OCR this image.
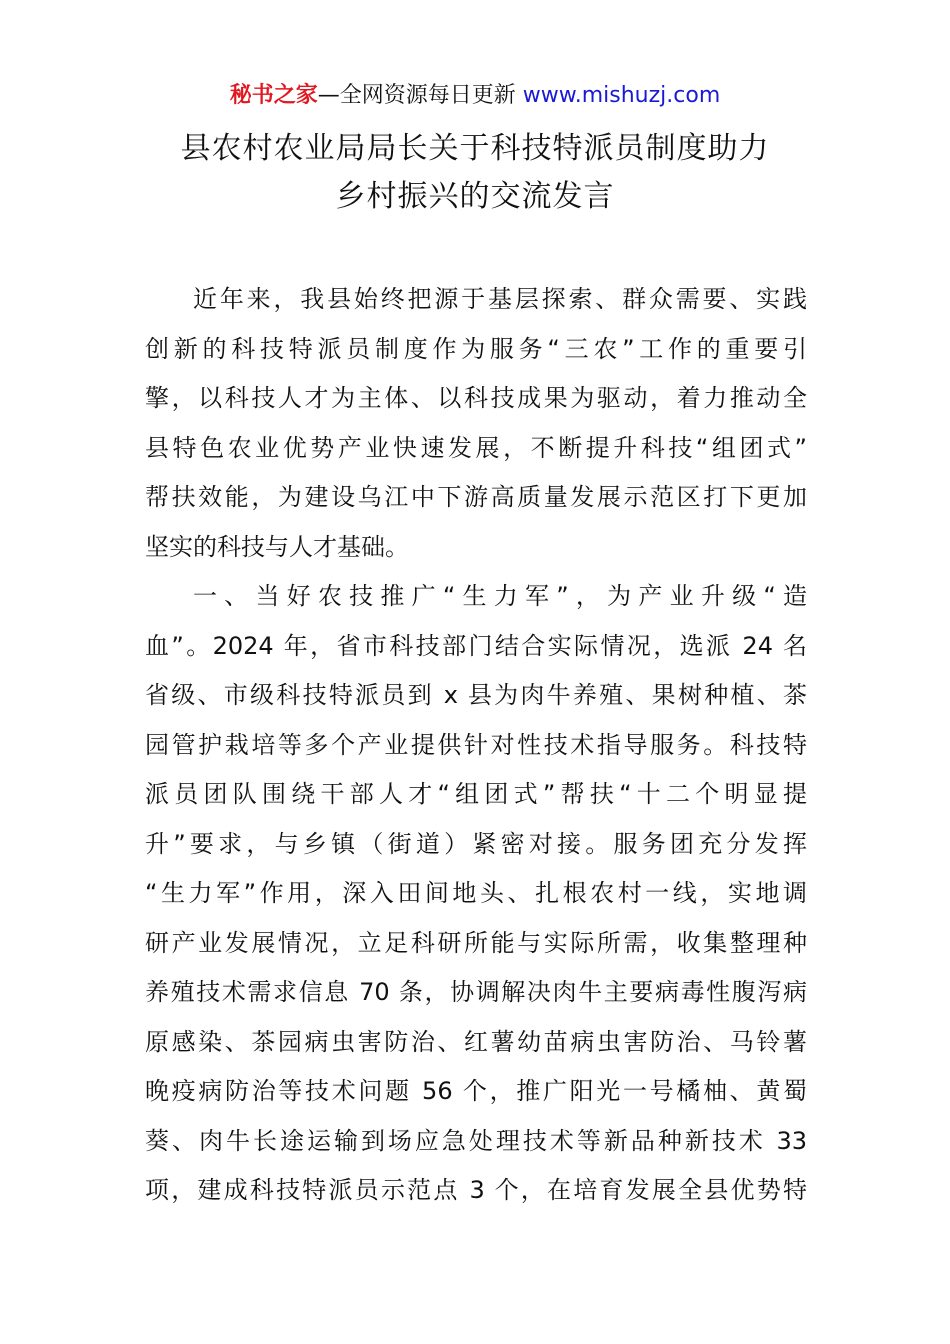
秘书之家—全网资源每日更新 www.mishuzj.com
县农村农业局局长关于科技特派员制度助力
乡村振兴的交流发言
近年来，我县始终把源于基层探索、群众需要、实践
创新的科技特派员制度作为服务“三农”工作的重要引
擎，以科技人才为主体、以科技成果为驱动，着力推动全
县特色农业优势产业快速发展，不断提升科技“组团式”
帮扶效能，为建设乌江中下游高质量发展示范区打下更加
坚实的科技与人才基础。
一、当好农技推广“生力军”，为产业升级“造
血”。2024 年，省市科技部门结合实际情况，选派 24 名
省级、市级科技特派员到 x 县为肉牛养殖、果树种植、茶
园管护栽培等多个产业提供针对性技术指导服务。科技特
派员团队围绕干部人才“组团式”帮扶“十二个明显提
升”要求，与乡镇（街道）紧密对接。服务团充分发挥
“生力军”作用，深入田间地头、扎根农村一线，实地调
研产业发展情况，立足科研所能与实际所需，收集整理种
养殖技术需求信息 70 条，协调解决肉牛主要病毒性腹泻病
原感染、茶园病虫害防治、红薯幼苗病虫害防治、马铃薯
晚疫病防治等技术问题 56 个，推广阳光一号橘柚、黄蜀
葵、肉牛长途运输到场应急处理技术等新品种新技术 33
项，建成科技特派员示范点 3 个，在培育发展全县优势特
